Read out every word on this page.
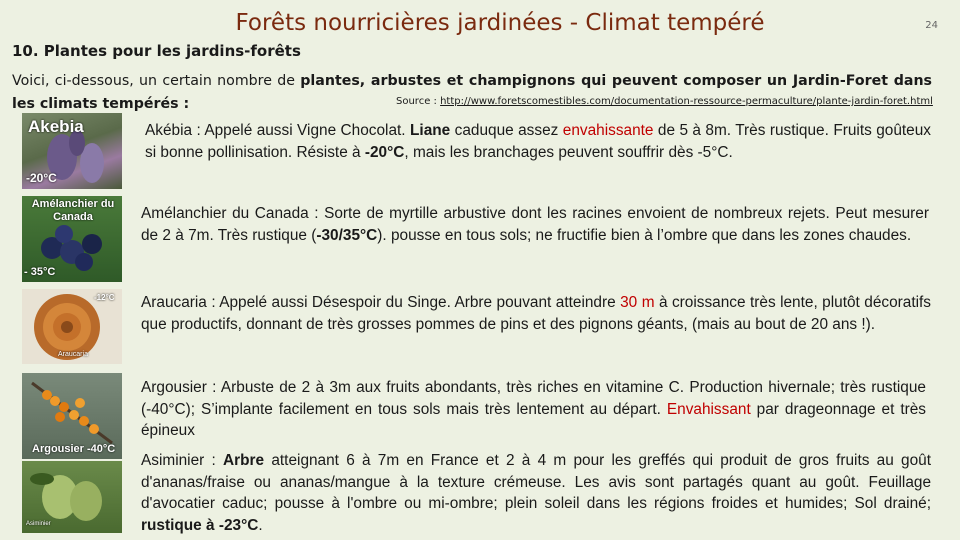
Forêts nourricières jardinées - Climat tempéré	24
10. Plantes pour les jardins-forêts
Voici, ci-dessous, un certain nombre de plantes, arbustes et champignons qui peuvent composer un Jardin-Foret dans les climats tempérés :	Source : http://www.foretscomestibles.com/documentation-ressource-permaculture/plante-jardin-foret.html
Akebia
-20°C
Amélanchier du Canada
- 35°C
-12°C
Araucaria
Argousier -40°C
Asiminier
Akébia : Appelé aussi Vigne Chocolat. Liane caduque assez envahissante de 5 à 8m. Très rustique. Fruits goûteux si bonne pollinisation. Résiste à -20°C, mais les branchages peuvent souffrir dès -5°C.
Amélanchier du Canada : Sorte de myrtille arbustive dont les racines envoient de nombreux rejets. Peut mesurer de 2 à 7m. Très rustique (-30/35°C). pousse en tous sols; ne fructifie bien à l’ombre que dans les zones chaudes.
Araucaria : Appelé aussi Désespoir du Singe. Arbre pouvant atteindre 30 m à croissance très lente, plutôt décoratifs que productifs, donnant de très grosses pommes de pins et des pignons géants, (mais au bout de 20 ans !).
Argousier : Arbuste de 2 à 3m aux fruits abondants, très riches en vitamine C. Production hivernale; très rustique (-40°C); S’implante facilement en tous sols mais très lentement au départ. Envahissant par drageonnage et très épineux
Asiminier : Arbre atteignant 6 à 7m en France et 2 à 4 m pour les greffés qui produit de gros fruits au goût d'ananas/fraise ou ananas/mangue à la texture crémeuse. Les avis sont partagés quant au goût. Feuillage d'avocatier caduc; pousse à l'ombre ou mi-ombre; plein soleil dans les régions froides et humides; Sol drainé; rustique à -23°C.
